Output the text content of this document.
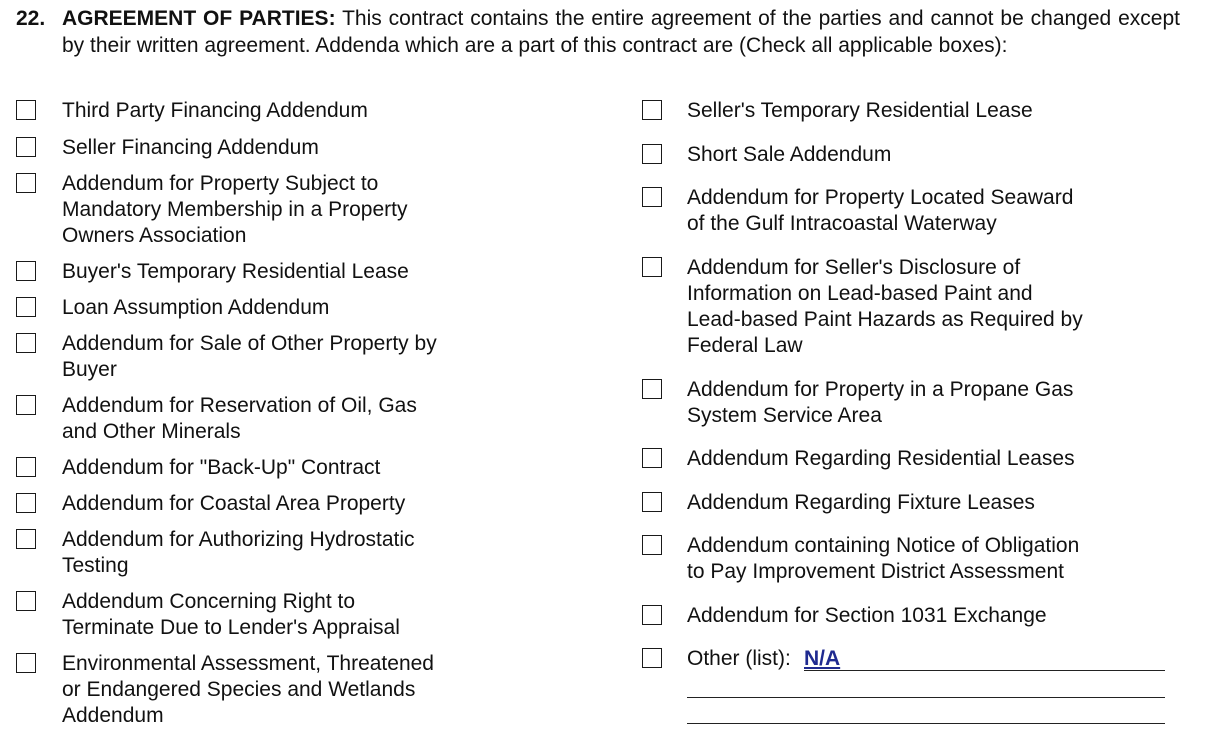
22. AGREEMENT OF PARTIES: This contract contains the entire agreement of the parties and cannot be changed except by their written agreement. Addenda which are a part of this contract are (Check all applicable boxes):
Third Party Financing Addendum
Seller Financing Addendum
Addendum for Property Subject to
Mandatory Membership in a Property
Owners Association
Buyer's Temporary Residential Lease
Loan Assumption Addendum
Addendum for Sale of Other Property by
Buyer
Addendum for Reservation of Oil, Gas
and Other Minerals
Addendum for "Back-Up" Contract
Addendum for Coastal Area Property
Addendum for Authorizing Hydrostatic
Testing
Addendum Concerning Right to
Terminate Due to Lender's Appraisal
Environmental Assessment, Threatened
or Endangered Species and Wetlands
Addendum
Seller's Temporary Residential Lease
Short Sale Addendum
Addendum for Property Located Seaward
of the Gulf Intracoastal Waterway
Addendum for Seller's Disclosure of
Information on Lead-based Paint and
Lead-based Paint Hazards as Required by
Federal Law
Addendum for Property in a Propane Gas
System Service Area
Addendum Regarding Residential Leases
Addendum Regarding Fixture Leases
Addendum containing Notice of Obligation
to Pay Improvement District Assessment
Addendum for Section 1031 Exchange
Other (list): N/A
